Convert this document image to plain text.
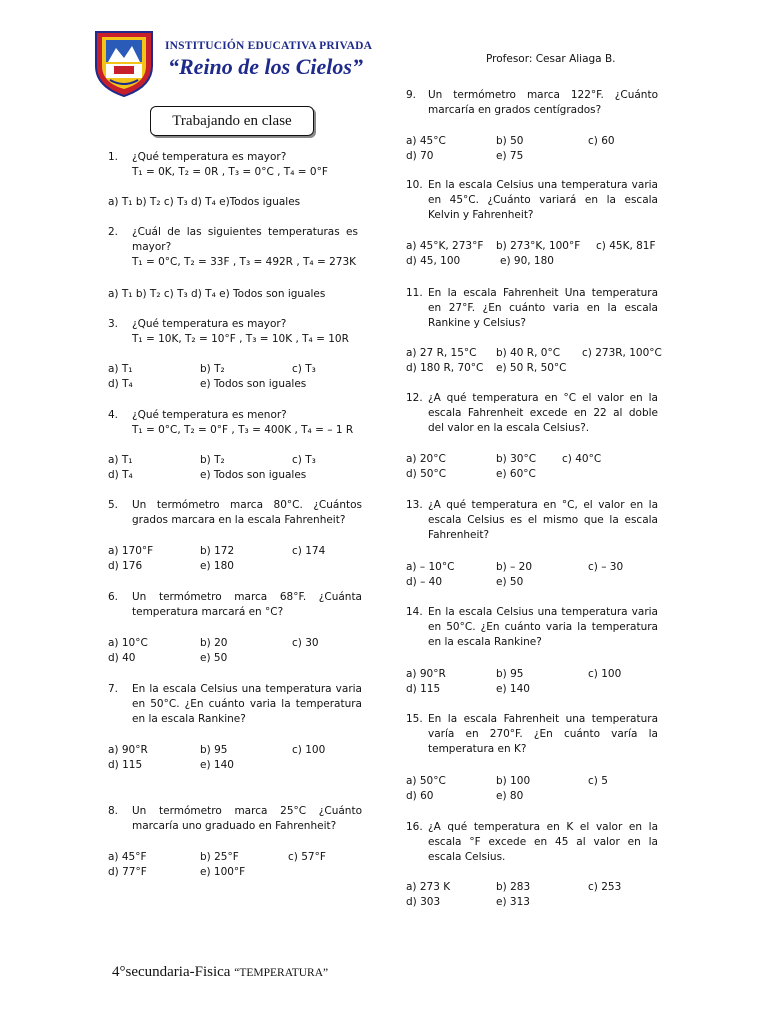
INSTITUCIÓN EDUCATIVA PRIVADA
“Reino de los Cielos”	Profesor: Cesar Aliaga B.
Trabajando en clase
1. ¿Qué temperatura es mayor?
T₁ = 0K, T₂ = 0R , T₃ = 0°C , T₄ = 0°F
a) T₁ b) T₂ c) T₃ d) T₄ e)Todos iguales
2. ¿Cuál de las siguientes temperaturas es mayor?
T₁ = 0°C, T₂ = 33F , T₃ = 492R , T₄ = 273K
a) T₁ b) T₂ c) T₃ d) T₄ e) Todos son iguales
3. ¿Qué temperatura es mayor?
T₁ = 10K, T₂ = 10°F , T₃ = 10K , T₄ = 10R
a) T₁	b) T₂	c) T₃
d) T₄	e) Todos son iguales
4. ¿Qué temperatura es menor?
T₁ = 0°C, T₂ = 0°F , T₃ = 400K , T₄ = – 1 R
a) T₁	b) T₂	c) T₃
d) T₄	e) Todos son iguales
5. Un termómetro marca 80°C. ¿Cuántos grados marcara en la escala Fahrenheit?
a) 170°F	b) 172	c) 174
d) 176	e) 180
6. Un termómetro marca 68°F. ¿Cuánta temperatura marcará en °C?
a) 10°C	b) 20	c) 30
d) 40	e) 50
7. En la escala Celsius una temperatura varia en 50°C. ¿En cuánto varia la temperatura en la escala Rankine?
a) 90°R	b) 95	c) 100
d) 115	e) 140
8. Un termómetro marca 25°C ¿Cuánto marcaría uno graduado en Fahrenheit?
a) 45°F	b) 25°F	c) 57°F
d) 77°F	e) 100°F
9. Un termómetro marca 122°F. ¿Cuánto marcaría en grados centígrados?
a) 45°C	b) 50	c) 60
d) 70	e) 75
10. En la escala Celsius una temperatura varia en 45°C. ¿Cuánto variará en la escala Kelvin y Fahrenheit?
a) 45°K, 273°F b) 273°K, 100°F c) 45K, 81F
d) 45, 100	e) 90, 180
11. En la escala Fahrenheit Una temperatura en 27°F. ¿En cuánto varia en la escala Rankine y Celsius?
a) 27 R, 15°C b) 40 R, 0°C c) 273R, 100°C
d) 180 R, 70°C e) 50 R, 50°C
12. ¿A qué temperatura en °C el valor en la escala Fahrenheit excede en 22 al doble del valor en la escala Celsius?.
a) 20°C	b) 30°C c) 40°C
d) 50°C	e) 60°C
13. ¿A qué temperatura en °C, el valor en la escala Celsius es el mismo que la escala Fahrenheit?
a) – 10°C	b) – 20	c) – 30
d) – 40	e) 50
14. En la escala Celsius una temperatura varia en 50°C. ¿En cuánto varia la temperatura en la escala Rankine?
a) 90°R	b) 95	c) 100
d) 115	e) 140
15. En la escala Fahrenheit una temperatura varía en 270°F. ¿En cuánto varía la temperatura en K?
a) 50°C	b) 100	c) 5
d) 60	e) 80
16. ¿A qué temperatura en K el valor en la escala °F excede en 45 al valor en la escala Celsius.
a) 273 K	b) 283	c) 253
d) 303	e) 313
4°secundaria-Fisica “TEMPERATURA”
